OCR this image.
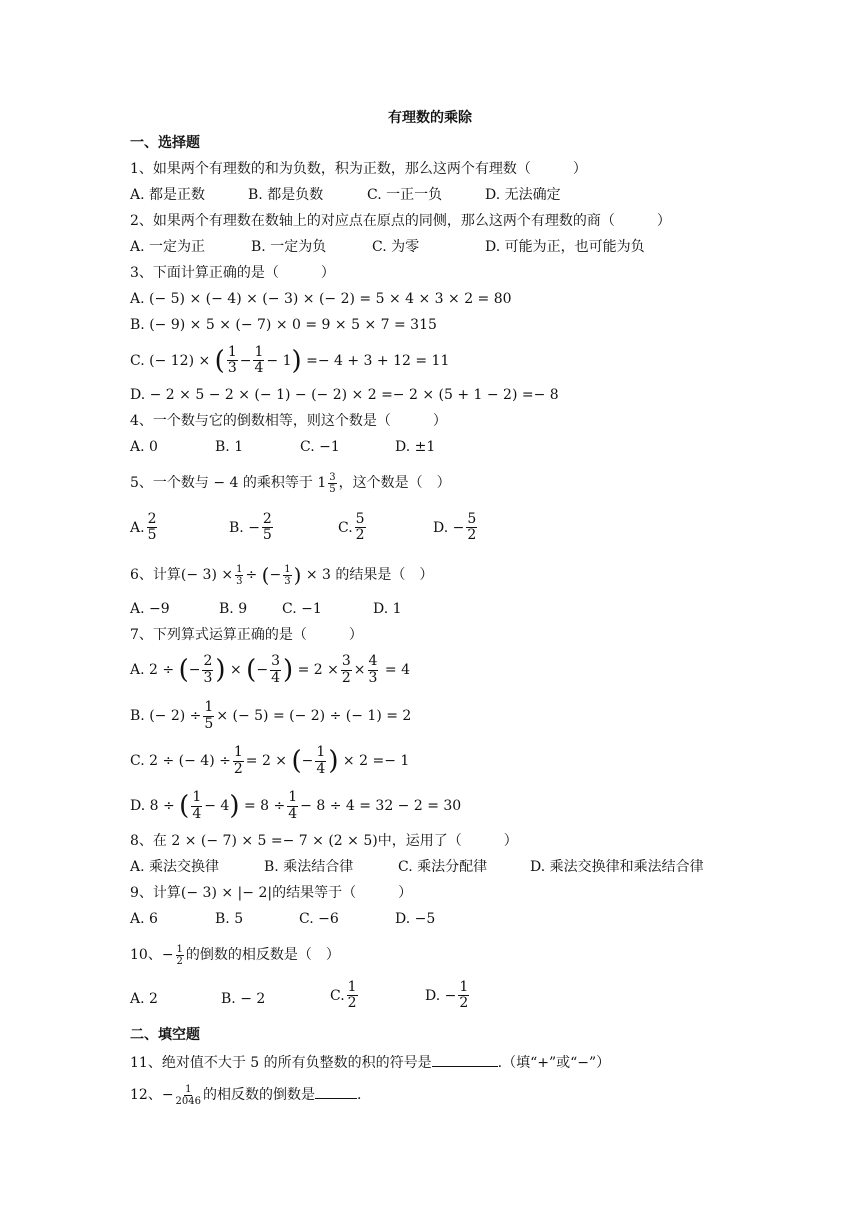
有理数的乘除
一、选择题
1、如果两个有理数的和为负数，积为正数，那么这两个有理数（　　　）
A. 都是正数	B. 都是负数	C. 一正一负	D. 无法确定
2、如果两个有理数在数轴上的对应点在原点的同侧，那么这两个有理数的商（　　　）
A. 一定为正	B. 一定为负	C. 为零	D. 可能为正，也可能为负
3、下面计算正确的是（　　　）
A. (− 5) × (− 4) × (− 3) × (− 2) = 5 × 4 × 3 × 2 = 80
B. (− 9) × 5 × (− 7) × 0 = 9 × 5 × 7 = 315
C. (− 12) × ( $\frac{1}{3} - \frac{1}{4} - 1) =- 4 + 3 + 12 = 11$
D. − 2 × 5 − 2 × (− 1) − (− 2) × 2 =− 2 × (5 + 1 − 2) =− 8
4、一个数与它的倒数相等，则这个数是（　　　）
A. 0	B. 1	C. −1	D. ±1
5、一个数与 − 4 的乘积等于 $1 \frac{3}{5}$ ，这个数是（　）
A. $\frac{2}{5}$	B. − $\frac{2}{5}$	C. $\frac{5}{2}$	D. − $\frac{5}{2}$
6、计算(− $3) \times \frac{1}{3}$ ÷ (− $\frac{1}{3}$ ) × 3 的结果是（　）
A. −9	B. 9 C. −1	D. 1
7、下列算式运算正确的是（　　　）
A. 2 ÷ (− $\frac{2}{3}$ ) × (− $\frac{3}{4}$ ) = $2 \times \frac{3}{2} \times \frac{4}{3} = 4$
B. (− $2) \div \frac{1}{5}$ × (− 5) = (− 2) ÷ (− 1) = 2
C. 2 ÷ (− $4) \div \frac{1}{2} = 2$ × (− $\frac{1}{4}$ ) × 2 =− 1
D. 8 ÷ ( $\frac{1}{4} - 4) = 8 \div \frac{1}{4} - 8 \div 4 = 32 - 2 = 30$
8、在 2 × (− 7) × 5 =− 7 × (2 × 5)中，运用了（　　　）
A. 乘法交换律	B. 乘法结合律	C. 乘法分配律	D. 乘法交换律和乘法结合律
9、计算(− 3) × |− 2|的结果等于（　　　）
A. 6	B. 5	C. −6	D. −5
10、− $\frac{1}{2}$ 的倒数的相反数是（　）
A. 2	B. − 2	C. $\frac{1}{2}$	D. − $\frac{1}{2}$
二、填空题
11、绝对值不大于 5 的所有负整数的积的符号是	.（填“+”或“−”）
12、− $\frac{1}{2046}$ 的相反数的倒数是	.
